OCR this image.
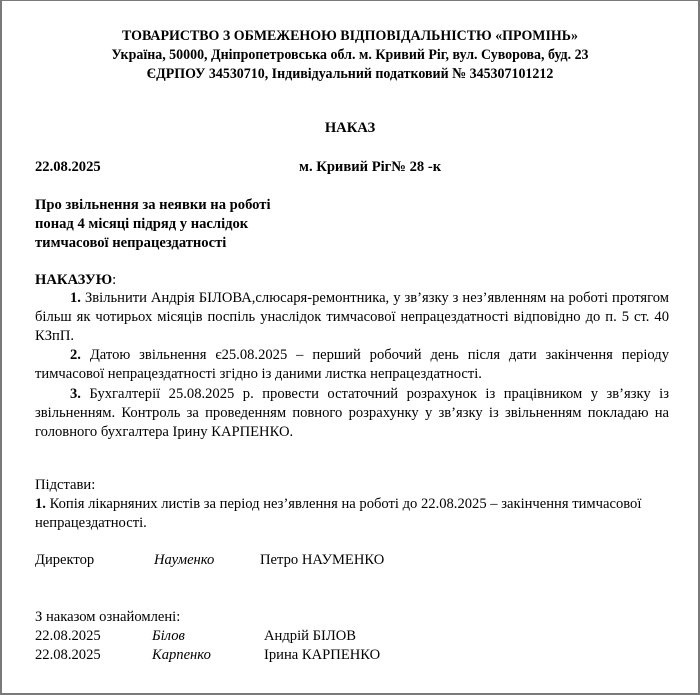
ТОВАРИСТВО З ОБМЕЖЕНОЮ ВІДПОВІДАЛЬНІСТЮ «ПРОМІНЬ»
Україна, 50000, Дніпропетровська обл. м. Кривий Ріг, вул. Суворова, буд. 23
ЄДРПОУ 34530710, Індивідуальний податковий № 345307101212
НАКАЗ
22.08.2025	м. Кривий Ріг№ 28 -к
Про звільнення за неявки на роботі
понад 4 місяці підряд у наслідок
тимчасової непрацездатності
НАКАЗУЮ:
1. Звільнити Андрія БІЛОВА,слюсаря-ремонтника, у зв’язку з нез’явленням на роботі протягом більш як чотирьох місяців поспіль унаслідок тимчасової непрацездатності відповідно до п. 5 ст. 40 КЗпП.
2. Датою звільнення є25.08.2025 – перший робочий день після дати закінчення періоду тимчасової непрацездатності згідно із даними листка непрацездатності.
3. Бухгалтерії 25.08.2025 р. провести остаточний розрахунок із працівником у зв’язку із звільненням. Контроль за проведенням повного розрахунку у зв’язку із звільненням покладаю на головного бухгалтера Ірину КАРПЕНКО.
Підстави:
1. Копія лікарняних листів за період нез’явлення на роботі до 22.08.2025 – закінчення тимчасової непрацездатності.
Директор	Науменко	Петро НАУМЕНКО
З наказом ознайомлені:
22.08.2025	Білов	Андрій БІЛОВ
22.08.2025	Карпенко	Ірина КАРПЕНКО
